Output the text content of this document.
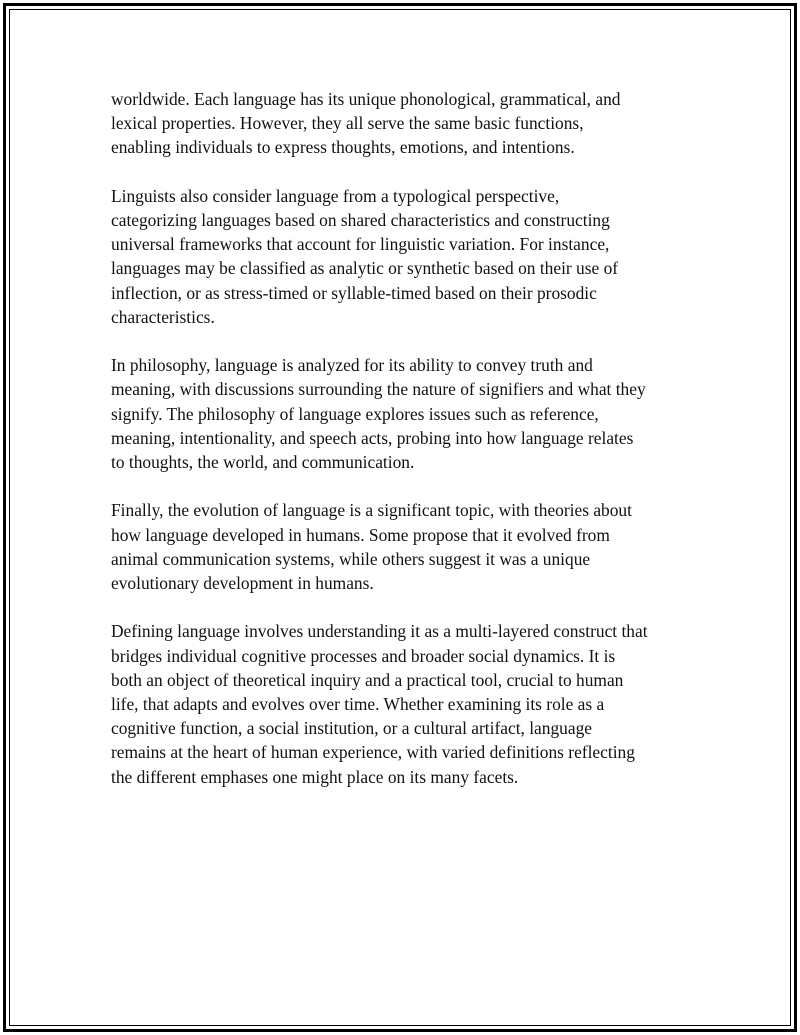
worldwide. Each language has its unique phonological, grammatical, and
lexical properties. However, they all serve the same basic functions,
enabling individuals to express thoughts, emotions, and intentions.

Linguists also consider language from a typological perspective,
categorizing languages based on shared characteristics and constructing
universal frameworks that account for linguistic variation. For instance,
languages may be classified as analytic or synthetic based on their use of
inflection, or as stress-timed or syllable-timed based on their prosodic
characteristics.

In philosophy, language is analyzed for its ability to convey truth and
meaning, with discussions surrounding the nature of signifiers and what they
signify. The philosophy of language explores issues such as reference,
meaning, intentionality, and speech acts, probing into how language relates
to thoughts, the world, and communication.

Finally, the evolution of language is a significant topic, with theories about
how language developed in humans. Some propose that it evolved from
animal communication systems, while others suggest it was a unique
evolutionary development in humans.

Defining language involves understanding it as a multi-layered construct that
bridges individual cognitive processes and broader social dynamics. It is
both an object of theoretical inquiry and a practical tool, crucial to human
life, that adapts and evolves over time. Whether examining its role as a
cognitive function, a social institution, or a cultural artifact, language
remains at the heart of human experience, with varied definitions reflecting
the different emphases one might place on its many facets.
